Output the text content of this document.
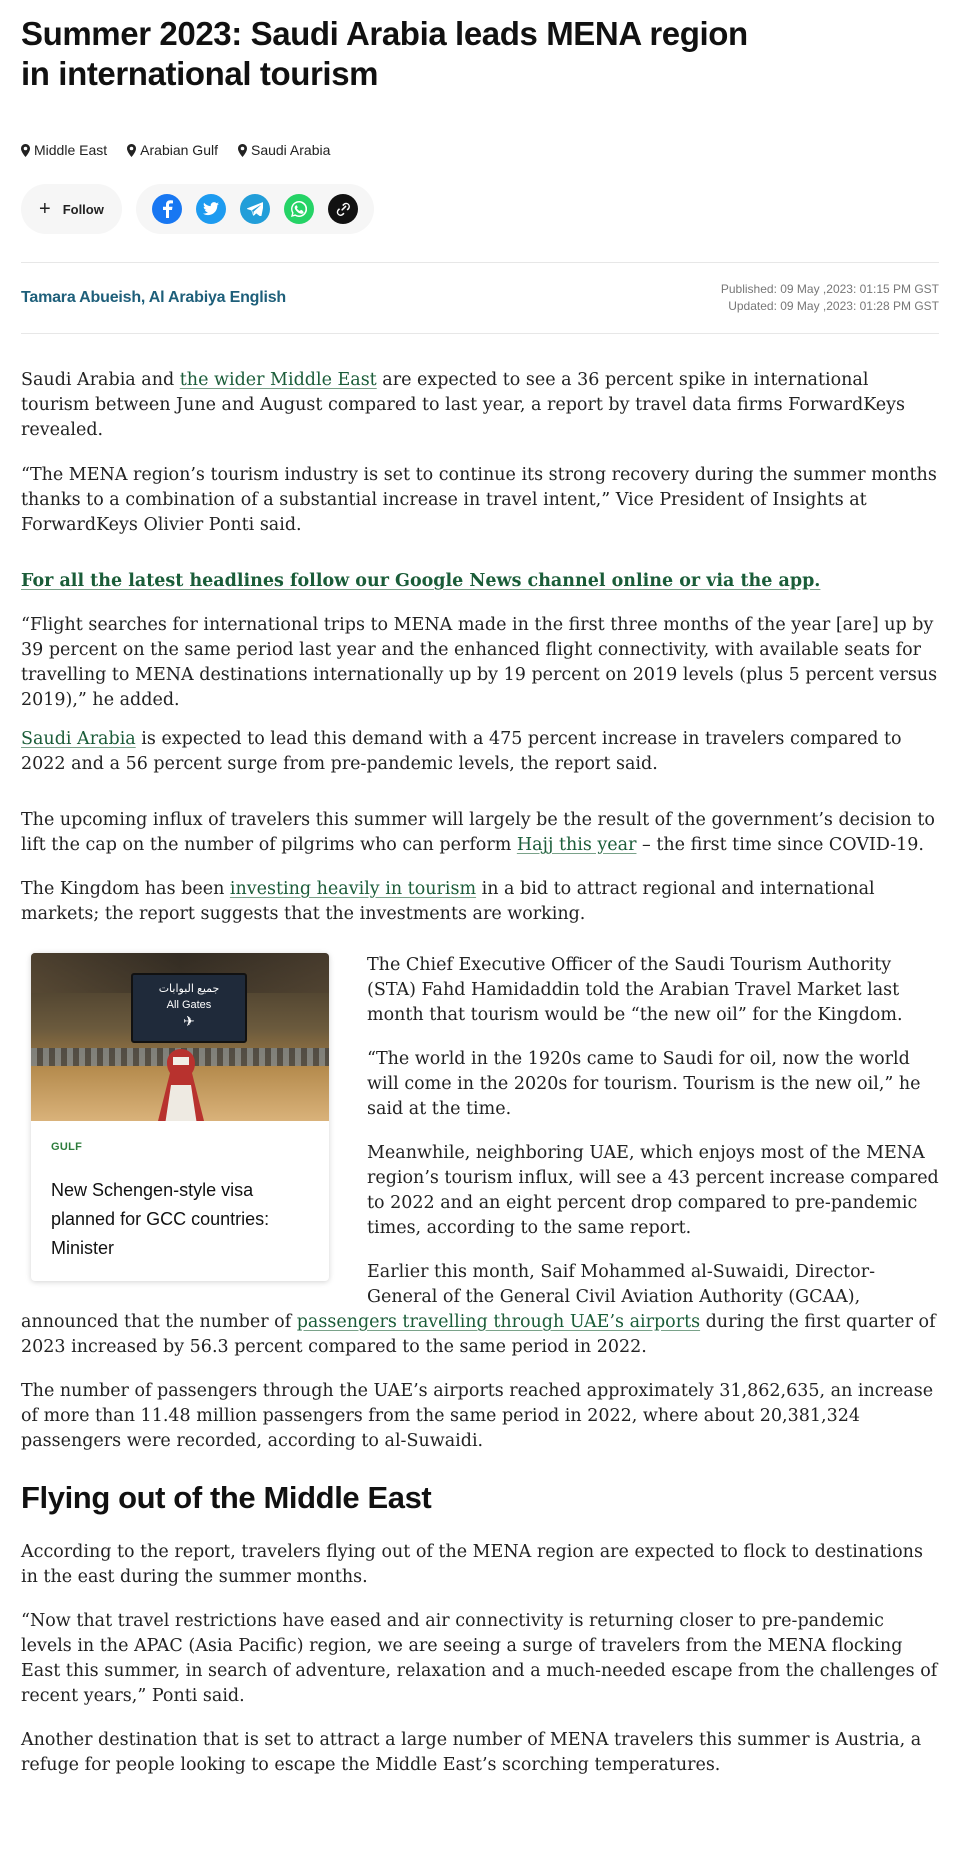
Summer 2023: Saudi Arabia leads MENA region in international tourism
Middle East Arabian Gulf Saudi Arabia
+ Follow
Tamara Abueish, Al Arabiya English	Published: 09 May ,2023: 01:15 PM GST
Updated: 09 May ,2023: 01:28 PM GST

Saudi Arabia and the wider Middle East are expected to see a 36 percent spike in international tourism between June and August compared to last year, a report by travel data firms ForwardKeys revealed.

“The MENA region’s tourism industry is set to continue its strong recovery during the summer months thanks to a combination of a substantial increase in travel intent,” Vice President of Insights at ForwardKeys Olivier Ponti said.

For all the latest headlines follow our Google News channel online or via the app.

“Flight searches for international trips to MENA made in the first three months of the year [are] up by 39 percent on the same period last year and the enhanced flight connectivity, with available seats for travelling to MENA destinations internationally up by 19 percent on 2019 levels (plus 5 percent versus 2019),” he added.

Saudi Arabia is expected to lead this demand with a 475 percent increase in travelers compared to 2022 and a 56 percent surge from pre-pandemic levels, the report said.

The upcoming influx of travelers this summer will largely be the result of the government’s decision to lift the cap on the number of pilgrims who can perform Hajj this year – the first time since COVID-19.

The Kingdom has been investing heavily in tourism in a bid to attract regional and international markets; the report suggests that the investments are working.

جميع البوابات
All Gates
✈
GULF
New Schengen-style visa planned for GCC countries: Minister

The Chief Executive Officer of the Saudi Tourism Authority (STA) Fahd Hamidaddin told the Arabian Travel Market last month that tourism would be “the new oil” for the Kingdom.

“The world in the 1920s came to Saudi for oil, now the world will come in the 2020s for tourism. Tourism is the new oil,” he said at the time.

Meanwhile, neighboring UAE, which enjoys most of the MENA region’s tourism influx, will see a 43 percent increase compared to 2022 and an eight percent drop compared to pre-pandemic times, according to the same report.

Earlier this month, Saif Mohammed al-Suwaidi, Director-General of the General Civil Aviation Authority (GCAA), announced that the number of passengers travelling through UAE’s airports during the first quarter of 2023 increased by 56.3 percent compared to the same period in 2022.

The number of passengers through the UAE’s airports reached approximately 31,862,635, an increase of more than 11.48 million passengers from the same period in 2022, where about 20,381,324 passengers were recorded, according to al-Suwaidi.

Flying out of the Middle East

According to the report, travelers flying out of the MENA region are expected to flock to destinations in the east during the summer months.

“Now that travel restrictions have eased and air connectivity is returning closer to pre-pandemic levels in the APAC (Asia Pacific) region, we are seeing a surge of travelers from the MENA flocking East this summer, in search of adventure, relaxation and a much-needed escape from the challenges of recent years,” Ponti said.

Another destination that is set to attract a large number of MENA travelers this summer is Austria, a refuge for people looking to escape the Middle East’s scorching temperatures.
